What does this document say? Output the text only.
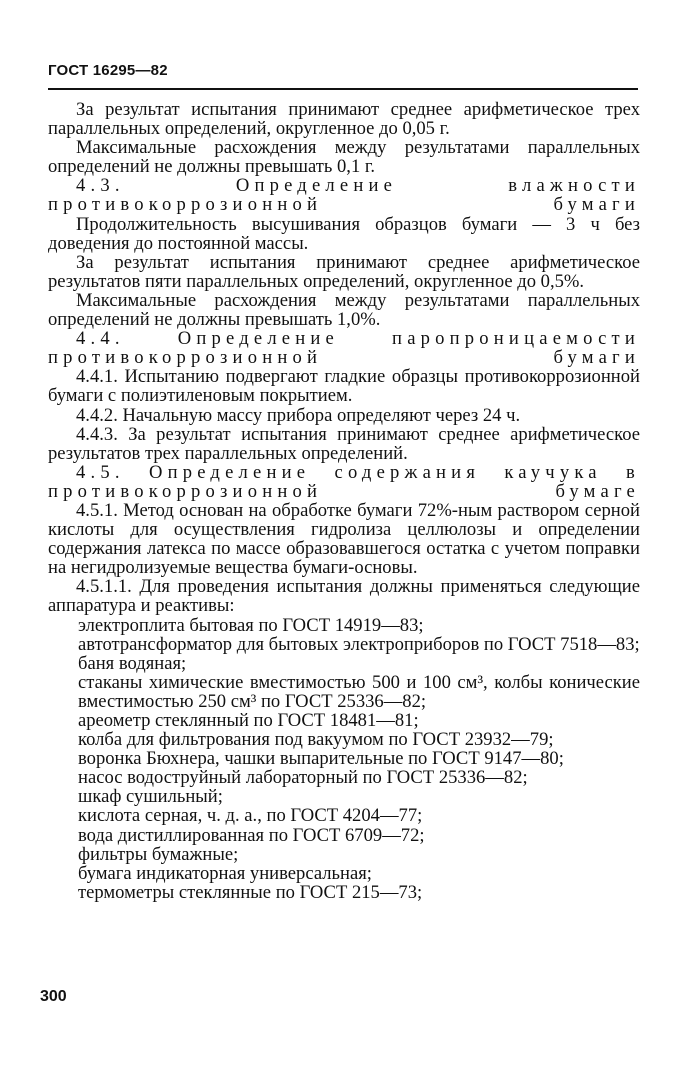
ГОСТ 16295—82

За результат испытания принимают среднее арифметическое трех параллельных определений, округленное до 0,05 г.

Максимальные расхождения между результатами параллельных определений не должны превышать 0,1 г.

4.3. Определение влажности противокоррозионной бумаги

Продолжительность высушивания образцов бумаги — 3 ч без доведения до постоянной массы.

За результат испытания принимают среднее арифметическое результатов пяти параллельных определений, округленное до 0,5%.

Максимальные расхождения между результатами параллельных определений не должны превышать 1,0%.

4.4. Определение паропроницаемости противокоррозионной бумаги

4.4.1. Испытанию подвергают гладкие образцы противокоррозионной бумаги с полиэтиленовым покрытием.

4.4.2. Начальную массу прибора определяют через 24 ч.

4.4.3. За результат испытания принимают среднее арифметическое результатов трех параллельных определений.

4.5. Определение содержания каучука в противокоррозионной бумаге

4.5.1. Метод основан на обработке бумаги 72%-ным раствором серной кислоты для осуществления гидролиза целлюлозы и определении содержания латекса по массе образовавшегося остатка с учетом поправки на негидролизуемые вещества бумаги-основы.

4.5.1.1. Для проведения испытания должны применяться следующие аппаратура и реактивы:

электроплита бытовая по ГОСТ 14919—83;

автотрансформатор для бытовых электроприборов по ГОСТ 7518—83;

баня водяная;

стаканы химические вместимостью 500 и 100 см³, колбы конические вместимостью 250 см³ по ГОСТ 25336—82;

ареометр стеклянный по ГОСТ 18481—81;

колба для фильтрования под вакуумом по ГОСТ 23932—79;

воронка Бюхнера, чашки выпарительные по ГОСТ 9147—80;

насос водоструйный лабораторный по ГОСТ 25336—82;

шкаф сушильный;

кислота серная, ч. д. а., по ГОСТ 4204—77;

вода дистиллированная по ГОСТ 6709—72;

фильтры бумажные;

бумага индикаторная универсальная;

термометры стеклянные по ГОСТ 215—73;

300
